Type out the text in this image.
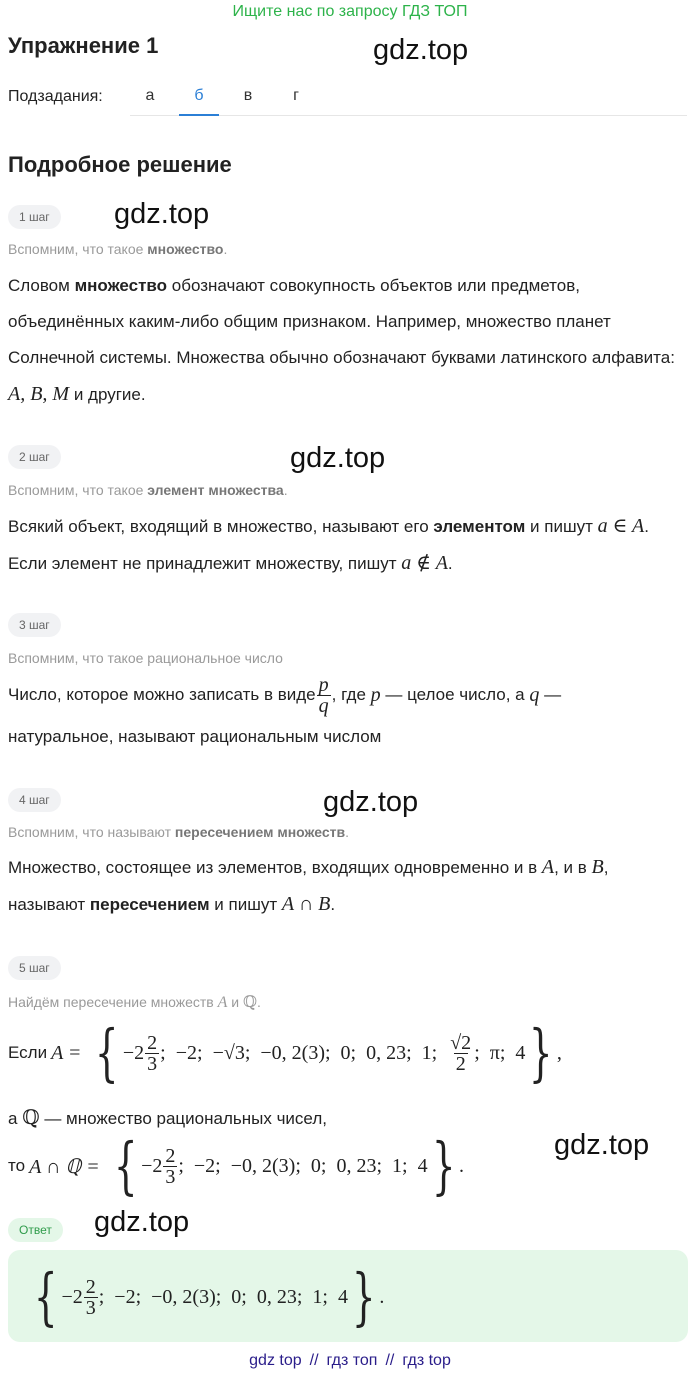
Ищите нас по запросу ГДЗ ТОП
Упражнение 1	gdz.top
Подзадания:	а	б	в	г
Подробное решение
1 шаг	gdz.top
Вспомним, что такое множество.
Словом множество обозначают совокупность объектов или предметов, объединённых каким-либо общим признаком. Например, множество планет Солнечной системы. Множества обычно обозначают буквами латинского алфавита: A, B, M и другие.
2 шаг	gdz.top
Вспомним, что такое элемент множества.
Всякий объект, входящий в множество, называют его элементом и пишут a ∈ A. Если элемент не принадлежит множеству, пишут a ∉ A.
3 шаг
Вспомним, что такое рациональное число
Число, которое можно записать в виде $\frac{p}{q}$ , где
p
— целое число, а
q
—
натуральное, называют рациональным числом
4 шаг	gdz.top
Вспомним, что называют пересечением множеств.
Множество, состоящее из элементов, входящих одновременно и в A, и в B,
называют пересечением и пишут A ∩ B.
5 шаг
Найдём пересечение множеств A и ℚ.
Если A = { $-2 \frac{2}{3}$ ;  −2;  −√3;  −0, 2(3);  0;  0, 23;  1; $\frac{√2}{2}$ ;  π;  4 } ,
а ℚ — множество рациональных чисел,
gdz.top
то A ∩ ℚ = { $-2 \frac{2}{3}$ ;  −2;  −0, 2(3);  0;  0, 23;  1;  4 } .
Ответ	gdz.top
{ $-2 \frac{2}{3}$ ;  −2;  −0, 2(3);  0;  0, 23;  1;  4 } .
gdz top // гдз топ // гдз top
